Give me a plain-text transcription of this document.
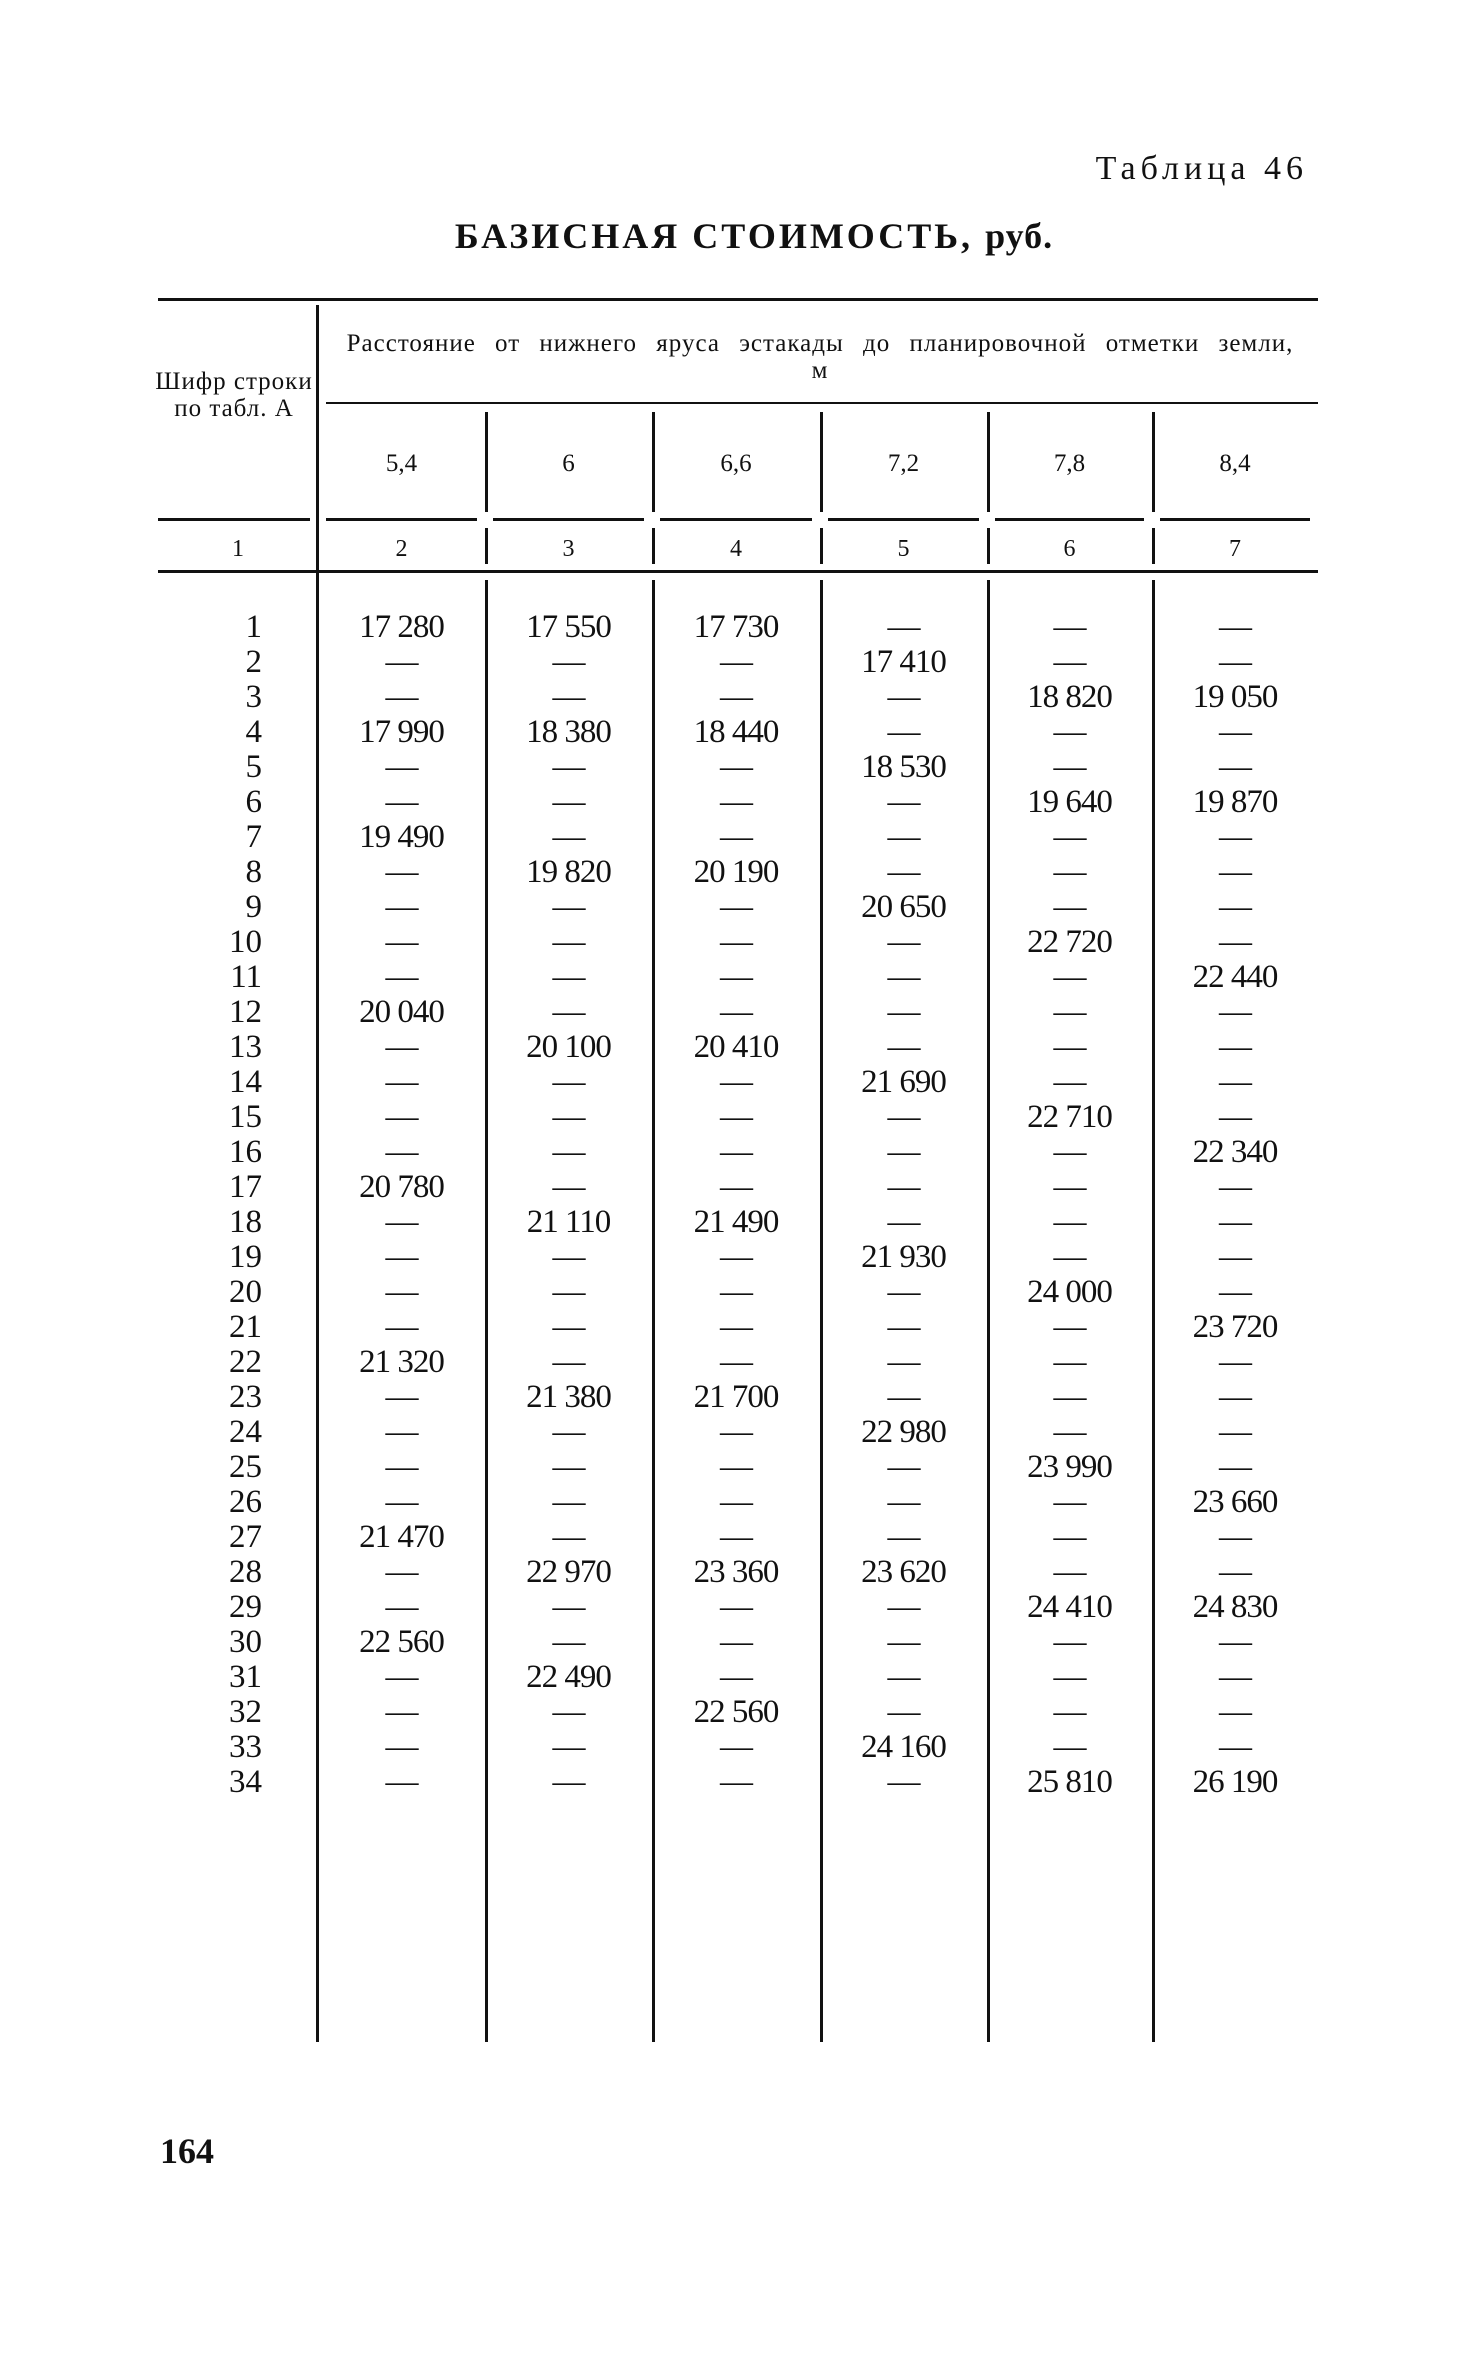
Таблица 46
БАЗИСНАЯ СТОИМОСТЬ, руб.
Шифр строки по табл. А
Расстояние от нижнего яруса эстакады до планировочной отметки земли, м
5,4	6	6,6	7,2	7,8	8,4
1	2	3	4	5	6	7
1	17 280	17 550	17 730	—	—	—
2	—	—	—	17 410	—	—
3	—	—	—	—	18 820	19 050
4	17 990	18 380	18 440	—	—	—
5	—	—	—	18 530	—	—
6	—	—	—	—	19 640	19 870
7	19 490	—	—	—	—	—
8	—	19 820	20 190	—	—	—
9	—	—	—	20 650	—	—
10	—	—	—	—	22 720	—
11	—	—	—	—	—	22 440
12	20 040	—	—	—	—	—
13	—	20 100	20 410	—	—	—
14	—	—	—	21 690	—	—
15	—	—	—	—	22 710	—
16	—	—	—	—	—	22 340
17	20 780	—	—	—	—	—
18	—	21 110	21 490	—	—	—
19	—	—	—	21 930	—	—
20	—	—	—	—	24 000	—
21	—	—	—	—	—	23 720
22	21 320	—	—	—	—	—
23	—	21 380	21 700	—	—	—
24	—	—	—	22 980	—	—
25	—	—	—	—	23 990	—
26	—	—	—	—	—	23 660
27	21 470	—	—	—	—	—
28	—	22 970	23 360	23 620	—	—
29	—	—	—	—	24 410	24 830
30	22 560	—	—	—	—	—
31	—	22 490	—	—	—	—
32	—	—	22 560	—	—	—
33	—	—	—	24 160	—	—
34	—	—	—	—	25 810	26 190
164
